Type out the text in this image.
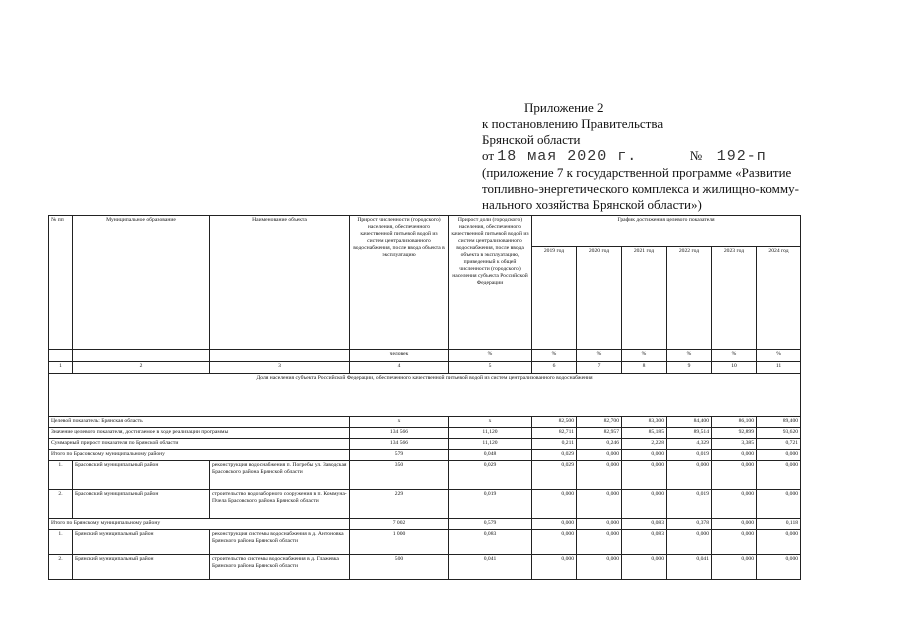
Приложение 2
к постановлению Правительства
Брянской области
от 18 мая 2020 г.	№ 192-п
(приложение 7 к государственной программе «Развитие
топливно-энергетического комплекса и жилищно-комму-
нального хозяйства Брянской области»)
№ пп	Муниципальное образование	Наименование объекта	Прирост численности (городского) населения, обеспеченного качественной питьевой водой из систем централизованного водоснабжения, после ввода объекта в эксплуатацию	Прирост доли (городского) населения, обеспеченного качественной питьевой водой из систем централизованного водоснабжения, после ввода объекта в эксплуатацию, приведенный к общей численности (городского) населения субъекта Российской Федерации	График достижения целевого показателя					
					2019 год	2020 год	2021 год	2022 год	2023 год	2024 год
			человек	%	%	%	%	%	%	%
1	2	3	4	5	6	7	8	9	10	11
Доля населения субъекта Российской Федерации, обеспеченного качественной питьевой водой из систем централизованного водоснабжения										
Целевой показатель: Брянская область			x	x	82,500	82,700	83,300	84,400	86,100	89,400
Значение целевого показателя, достигаемое в ходе реализации программы			134 566	11,120	82,711	82,957	85,185	89,514	92,899	93,620
Суммарный прирост показателя по Брянской области			134 566	11,120	0,211	0,246	2,228	4,329	3,385	0,721
Итого по Брасовскому муниципальному району			579	0,048	0,029	0,000	0,000	0,019	0,000	0,000
1.	Брасовский муниципальный район	реконструкция водоснабжения п. Погребы ул. Заводская Брасовского района Брянской области	350	0,029	0,029	0,000	0,000	0,000	0,000	0,000
2.	Брасовский муниципальный район	строительство водозаборного сооружения в п. Коммуна-Пчела Брасовского района Брянской области	229	0,019	0,000	0,000	0,000	0,019	0,000	0,000
Итого по Брянскому муниципальному району			7 002	0,579	0,000	0,000	0,083	0,378	0,000	0,118
1.	Брянский муниципальный район	реконструкция системы водоснабжения в д. Антоновка Брянского района Брянской области	1 000	0,083	0,000	0,000	0,083	0,000	0,000	0,000
2.	Брянский муниципальный район	строительство системы водоснабжения в д. Глажевка Брянского района Брянской области	500	0,041	0,000	0,000	0,000	0,041	0,000	0,000
